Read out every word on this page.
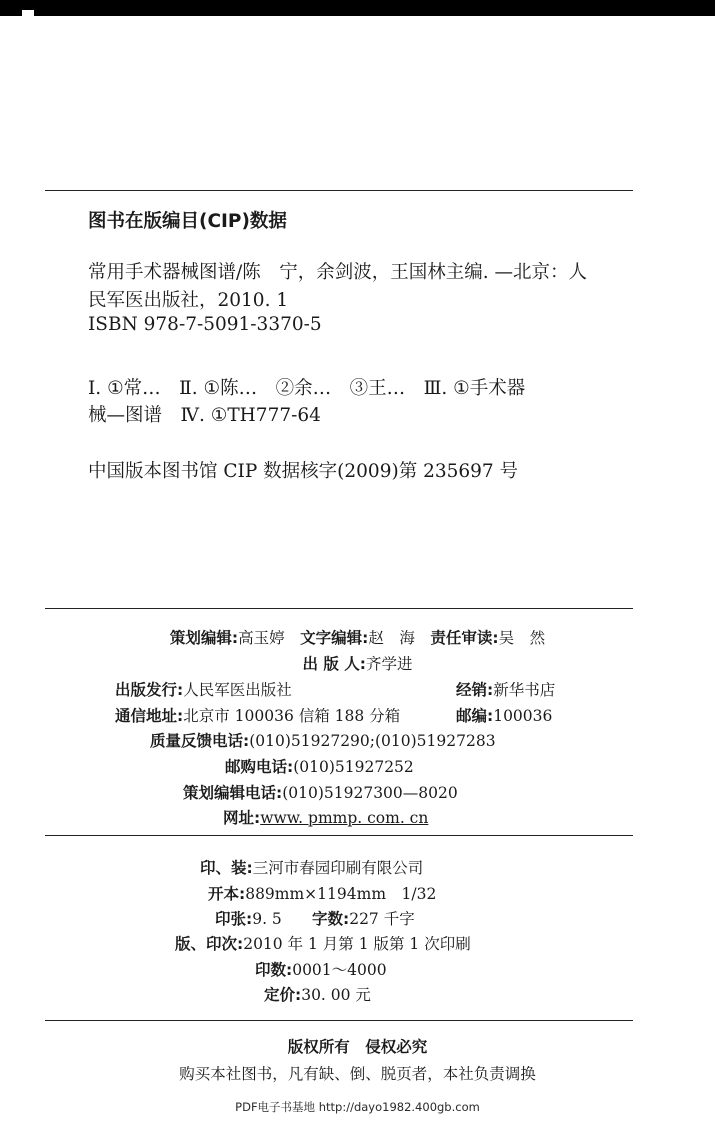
图书在版编目(CIP)数据
常用手术器械图谱/陈　宁，余剑波，王国林主编. —北京：人
民军医出版社，2010. 1
ISBN 978-7-5091-3370-5
Ⅰ. ①常…　Ⅱ. ①陈…　②余…　③王…　Ⅲ. ①手术器
械—图谱　Ⅳ. ①TH777-64
中国版本图书馆 CIP 数据核字(2009)第 235697 号
策划编辑:高玉婷　 文字编辑:赵　海　 责任审读:吴　然
出 版 人:齐学进
出版发行:人民军医出版社	经销:新华书店
通信地址:北京市 100036 信箱 188 分箱	邮编:100036
质量反馈电话:(010)51927290;(010)51927283
邮购电话:(010)51927252
策划编辑电话:(010)51927300—8020
网址:www. pmmp. com. cn
印、装:三河市春园印刷有限公司
开本:889mm×1194mm　1/32
印张:9. 5 字数:227 千字
版、印次:2010 年 1 月第 1 版第 1 次印刷
印数:0001～4000
定价:30. 00 元
版权所有　侵权必究
购买本社图书，凡有缺、倒、脱页者，本社负责调换
PDF电子书基地 http://dayo1982.400gb.com
